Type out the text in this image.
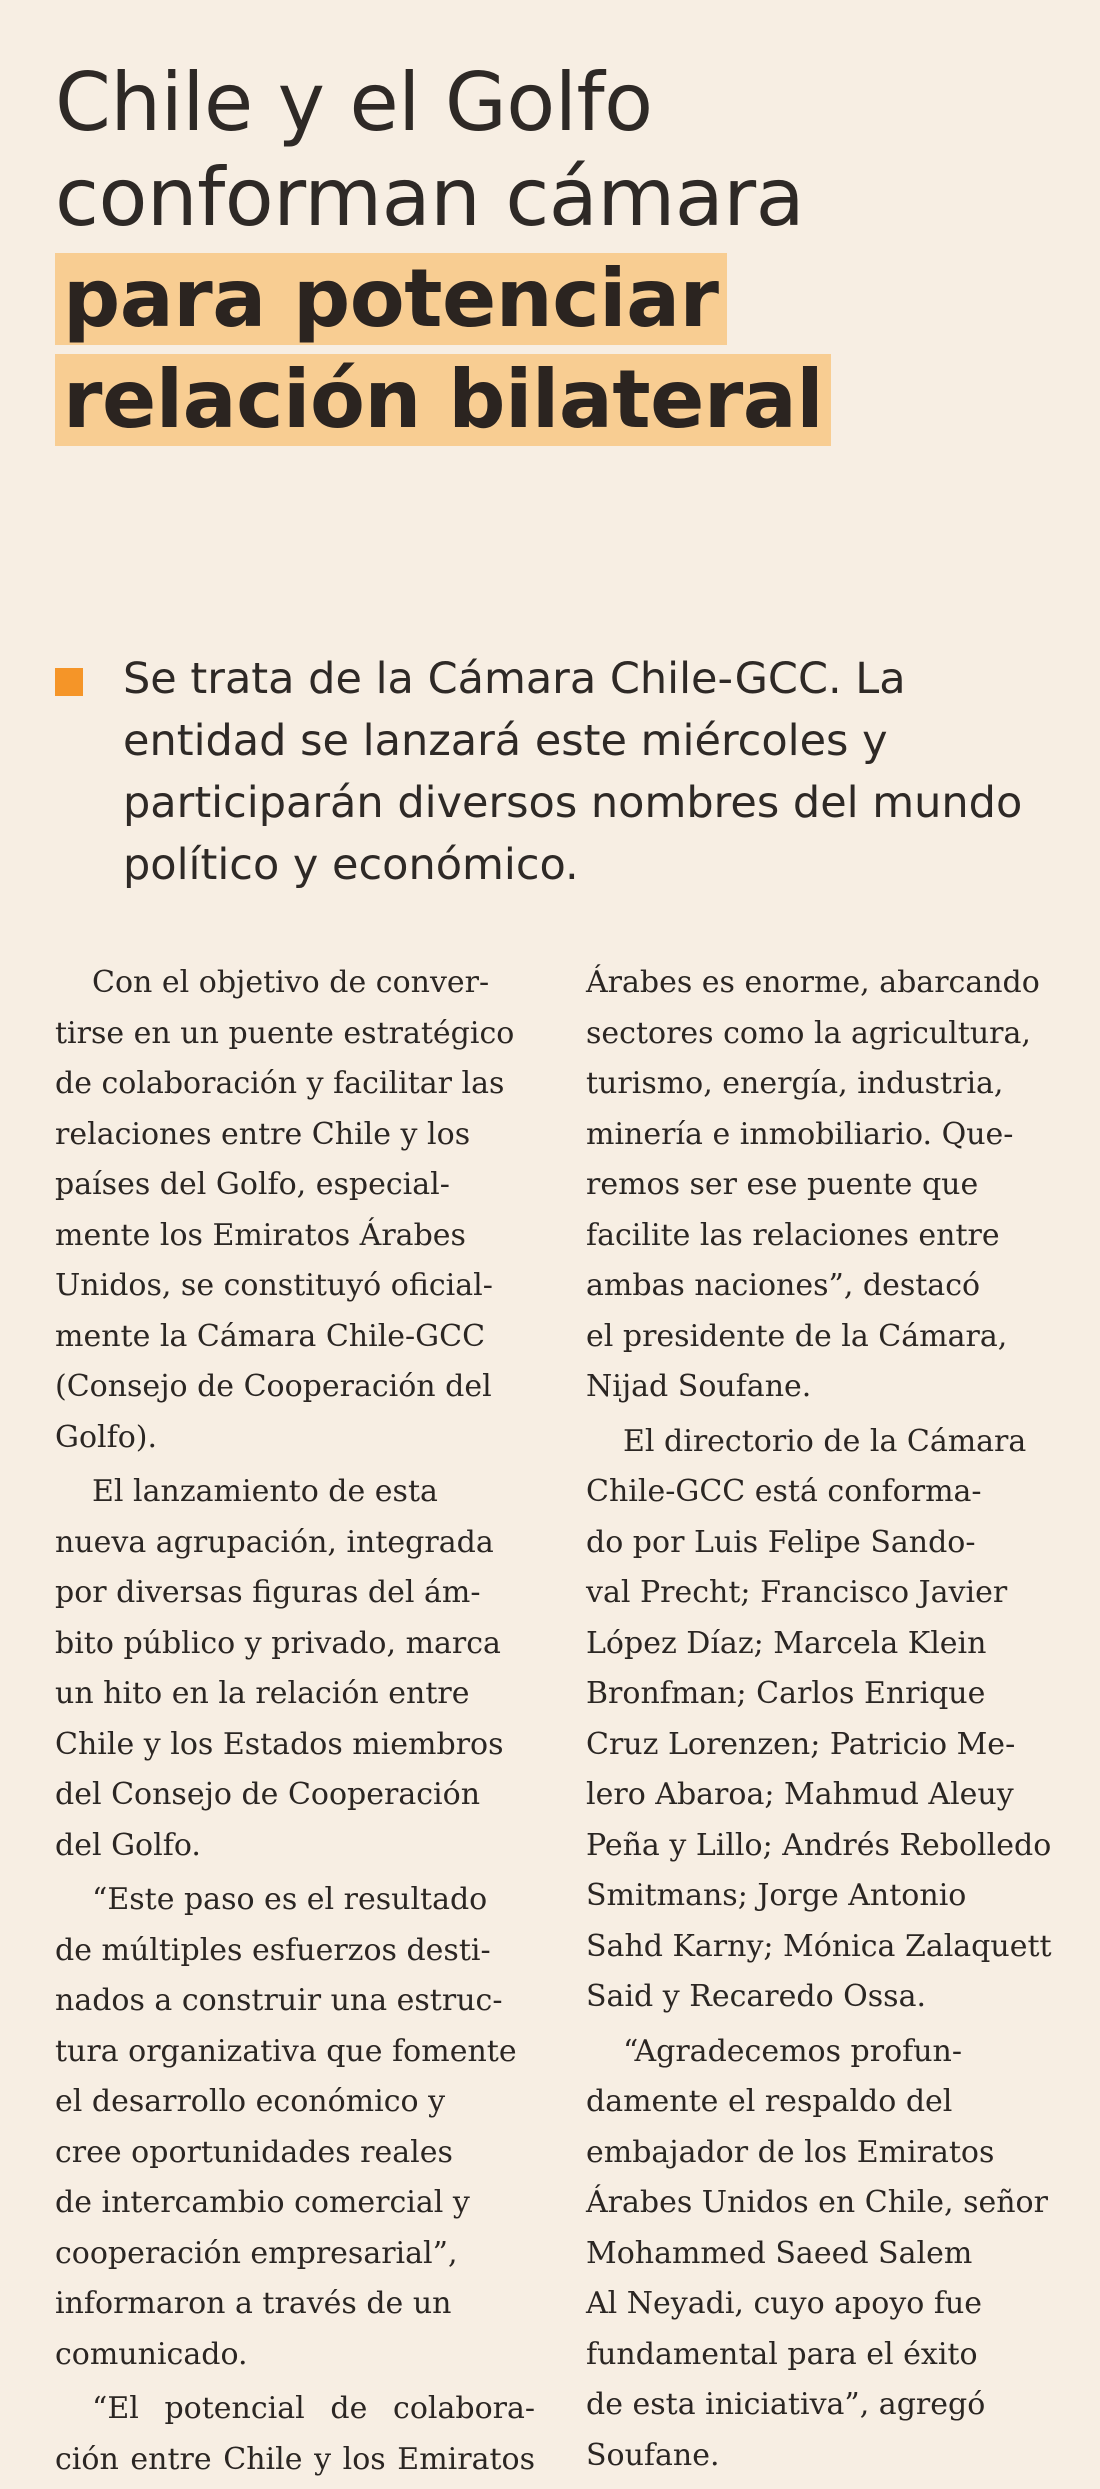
Chile y el Golfo
conforman cámara
para potenciar
relación bilateral

Se trata de la Cámara Chile-GCC. La entidad se lanzará este miércoles y participarán diversos nombres del mundo político y económico.

Con el objetivo de conver-
tirse en un puente estratégico
de colaboración y facilitar las
relaciones entre Chile y los
países del Golfo, especial-
mente los Emiratos Árabes
Unidos, se constituyó oficial-
mente la Cámara Chile-GCC
(Consejo de Cooperación del
Golfo).

El lanzamiento de esta
nueva agrupación, integrada
por diversas figuras del ám-
bito público y privado, marca
un hito en la relación entre
Chile y los Estados miembros
del Consejo de Cooperación
del Golfo.

“Este paso es el resultado
de múltiples esfuerzos desti-
nados a construir una estruc-
tura organizativa que fomente
el desarrollo económico y
cree oportunidades reales
de intercambio comercial y
cooperación empresarial”,
informaron a través de un
comunicado.

“El potencial de colabora-
ción entre Chile y los Emiratos

Árabes es enorme, abarcando
sectores como la agricultura,
turismo, energía, industria,
minería e inmobiliario. Que-
remos ser ese puente que
facilite las relaciones entre
ambas naciones”, destacó
el presidente de la Cámara,
Nijad Soufane.

El directorio de la Cámara
Chile-GCC está conforma-
do por Luis Felipe Sando-
val Precht; Francisco Javier
López Díaz; Marcela Klein
Bronfman; Carlos Enrique
Cruz Lorenzen; Patricio Me-
lero Abaroa; Mahmud Aleuy
Peña y Lillo; Andrés Rebolledo
Smitmans; Jorge Antonio
Sahd Karny; Mónica Zalaquett
Said y Recaredo Ossa.

“Agradecemos profun-
damente el respaldo del
embajador de los Emiratos
Árabes Unidos en Chile, señor
Mohammed Saeed Salem
Al Neyadi, cuyo apoyo fue
fundamental para el éxito
de esta iniciativa”, agregó
Soufane.
